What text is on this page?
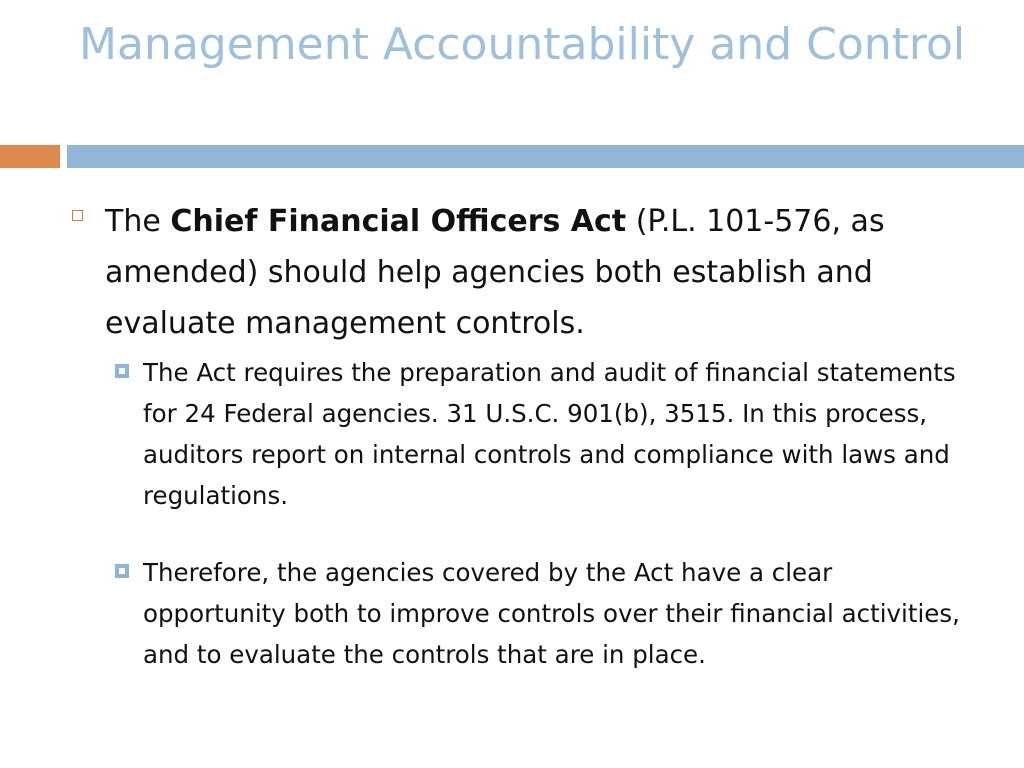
Management Accountability and Control
The Chief Financial Officers Act (P.L. 101-576, as amended) should help agencies both establish and evaluate management controls.
The Act requires the preparation and audit of financial statements for 24 Federal agencies. 31 U.S.C. 901(b), 3515. In this process, auditors report on internal controls and compliance with laws and regulations.
Therefore, the agencies covered by the Act have a clear opportunity both to improve controls over their financial activities, and to evaluate the controls that are in place.
